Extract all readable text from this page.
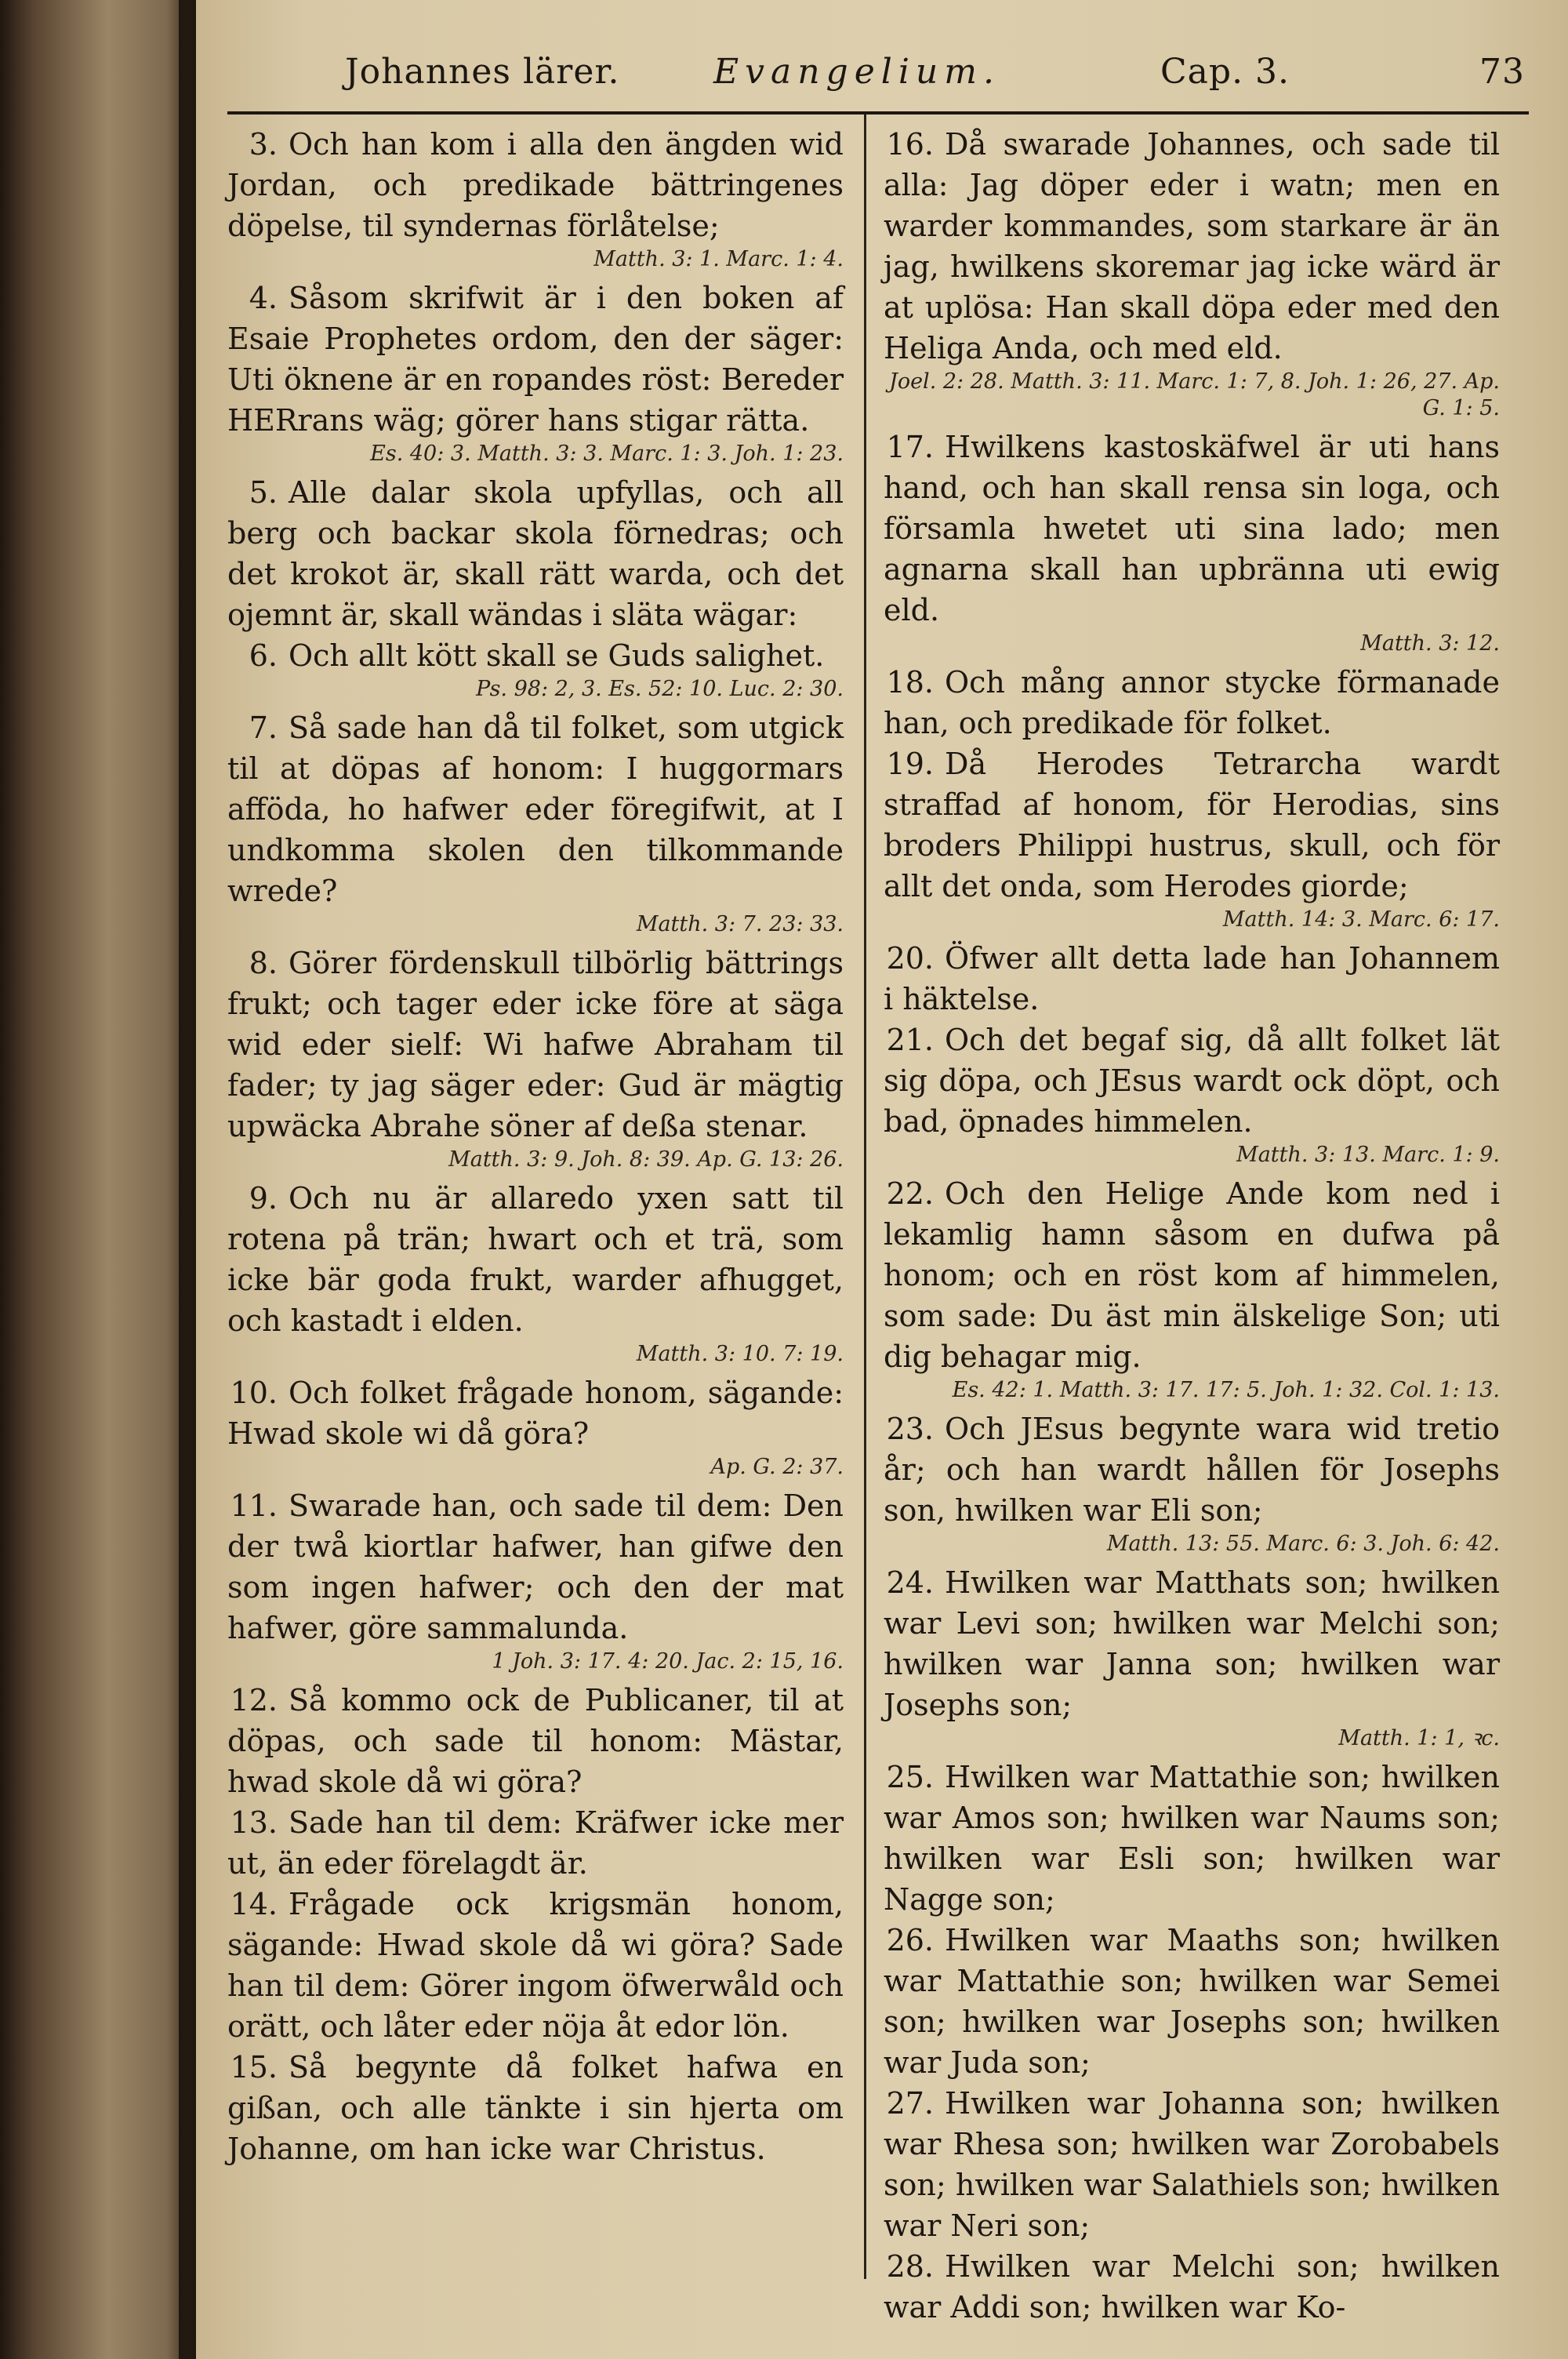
Johannes lärer.	Evangelium.	Cap. 3.	73

3. Och han kom i alla den ängden wid Jordan, och predikade bättringenes döpelse, til syndernas förlåtelse;

Matth. 3: 1. Marc. 1: 4.

4. Såsom skrifwit är i den boken af Esaie Prophetes ordom, den der säger: Uti öknene är en ropandes röst: Bereder HERrans wäg; görer hans stigar rätta.

Es. 40: 3. Matth. 3: 3. Marc. 1: 3. Joh. 1: 23.

5. Alle dalar skola upfyllas, och all berg och backar skola förnedras; och det krokot är, skall rätt warda, och det ojemnt är, skall wändas i släta wägar:

6. Och allt kött skall se Guds salighet.

Ps. 98: 2, 3. Es. 52: 10. Luc. 2: 30.

7. Så sade han då til folket, som utgick til at döpas af honom: I huggormars affödа, ho hafwer eder föregifwit, at I undkomma skolen den tilkommande wrede?

Matth. 3: 7. 23: 33.

8. Görer fördenskull tilbörlig bättrings frukt; och tager eder icke före at säga wid eder sielf: Wi hafwe Abraham til fader; ty jag säger eder: Gud är mägtig upwäcka Abrahe söner af deßa stenar.

Matth. 3: 9. Joh. 8: 39. Ap. G. 13: 26.

9. Och nu är allaredo yxen satt til rotena på trän; hwart och et trä, som icke bär goda frukt, warder afhugget, och kastadt i elden.

Matth. 3: 10. 7: 19.

10. Och folket frågade honom, sägande: Hwad skole wi då göra?

Ap. G. 2: 37.

11. Swarade han, och sade til dem: Den der twå kiortlar hafwer, han gifwe den som ingen hafwer; och den der mat hafwer, göre sammalunda.

1 Joh. 3: 17. 4: 20. Jac. 2: 15, 16.

12. Så kommo ock de Publicaner, til at döpas, och sade til honom: Mästar, hwad skole då wi göra?

13. Sade han til dem: Kräfwer icke mer ut, än eder förelagdt är.

14. Frågade ock krigsmän honom, sägande: Hwad skole då wi göra? Sade han til dem: Görer ingom öfwerwåld och orätt, och låter eder nöja åt edor lön.

15. Så begynte då folket hafwa en gißan, och alle tänkte i sin hjerta om Johanne, om han icke war Christus.

16. Då swarade Johannes, och sade til alla: Jag döper eder i watn; men en warder kommandes, som starkare är än jag, hwilkens skoremar jag icke wärd är at uplösa: Han skall döpa eder med den Heliga Anda, och med eld.

Joel. 2: 28. Matth. 3: 11. Marc. 1: 7, 8. Joh. 1: 26, 27. Ap. G. 1: 5.

17. Hwilkens kastoskäfwel är uti hans hand, och han skall rensa sin loga, och församla hwetet uti sina lado; men agnarna skall han upbränna uti ewig eld.

Matth. 3: 12.

18. Och mång annor stycke förmanade han, och predikade för folket.

19. Då Herodes Tetrarcha wardt straffad af honom, för Herodias, sins broders Philippi hustrus, skull, och för allt det onda, som Herodes giorde;

Matth. 14: 3. Marc. 6: 17.

20. Öfwer allt detta lade han Johannem i häktelse.

21. Och det begaf sig, då allt folket lät sig döpa, och JEsus wardt ock döpt, och bad, öpnades himmelen.

Matth. 3: 13. Marc. 1: 9.

22. Och den Helige Ande kom ned i lekamlig hamn såsom en dufwa på honom; och en röst kom af himmelen, som sade: Du äst min älskelige Son; uti dig behagar mig.

Es. 42: 1. Matth. 3: 17. 17: 5. Joh. 1: 32. Col. 1: 13.

23. Och JEsus begynte wara wid tretio år; och han wardt hållen för Josephs son, hwilken war Eli son;

Matth. 13: 55. Marc. 6: 3. Joh. 6: 42.

24. Hwilken war Matthats son; hwilken war Levi son; hwilken war Melchi son; hwilken war Janna son; hwilken war Josephs son;

Matth. 1: 1, ꝛc.

25. Hwilken war Mattathie son; hwilken war Amos son; hwilken war Naums son; hwilken war Esli son; hwilken war Nagge son;

26. Hwilken war Maaths son; hwilken war Mattathie son; hwilken war Semei son; hwilken war Josephs son; hwilken war Juda son;

27. Hwilken war Johanna son; hwilken war Rhesa son; hwilken war Zorobabels son; hwilken war Salathiels son; hwilken war Neri son;

28. Hwilken war Melchi son; hwilken war Addi son; hwilken war Ko-
